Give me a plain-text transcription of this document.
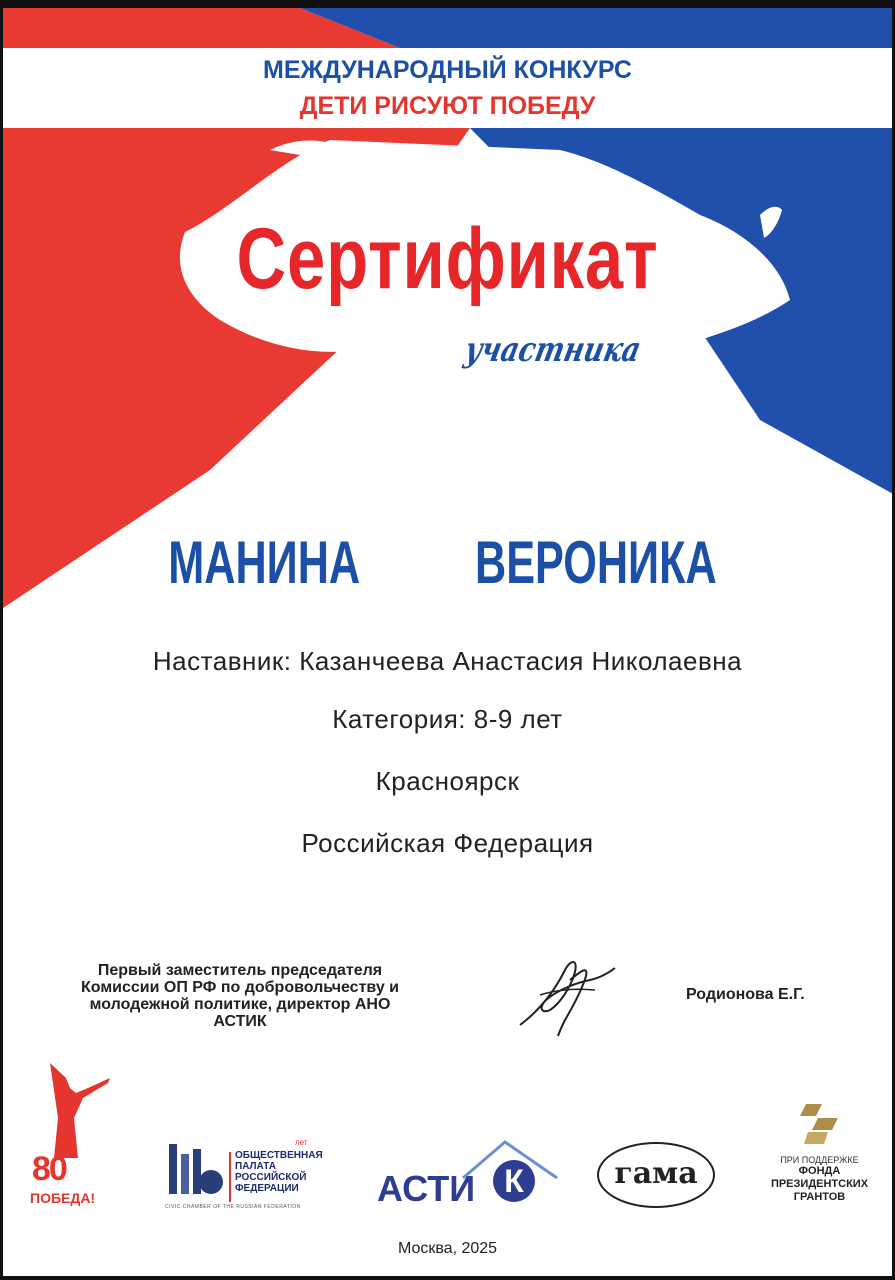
МЕЖДУНАРОДНЫЙ КОНКУРС
ДЕТИ РИСУЮТ ПОБЕДУ
Сертификат
участника
МАНИНА ВЕРОНИКА
Наставник: Казанчеева Анастасия Николаевна
Категория: 8-9 лет
Красноярск
Российская Федерация
Первый заместитель председателя Комиссии ОП РФ по добровольчеству и молодежной политике, директор АНО АСТИК
Родионова Е.Г.
80
ПОБЕДА!
лет
ОБЩЕСТВЕННАЯ
ПАЛАТА
РОССИЙСКОЙ
ФЕДЕРАЦИИ
CIVIC CHAMBER OF THE RUSSIAN FEDERATION АСТИ К	гама	ПРИ ПОДДЕРЖКЕ
ФОНДА
ПРЕЗИДЕНТСКИХ
ГРАНТОВ
Москва, 2025
